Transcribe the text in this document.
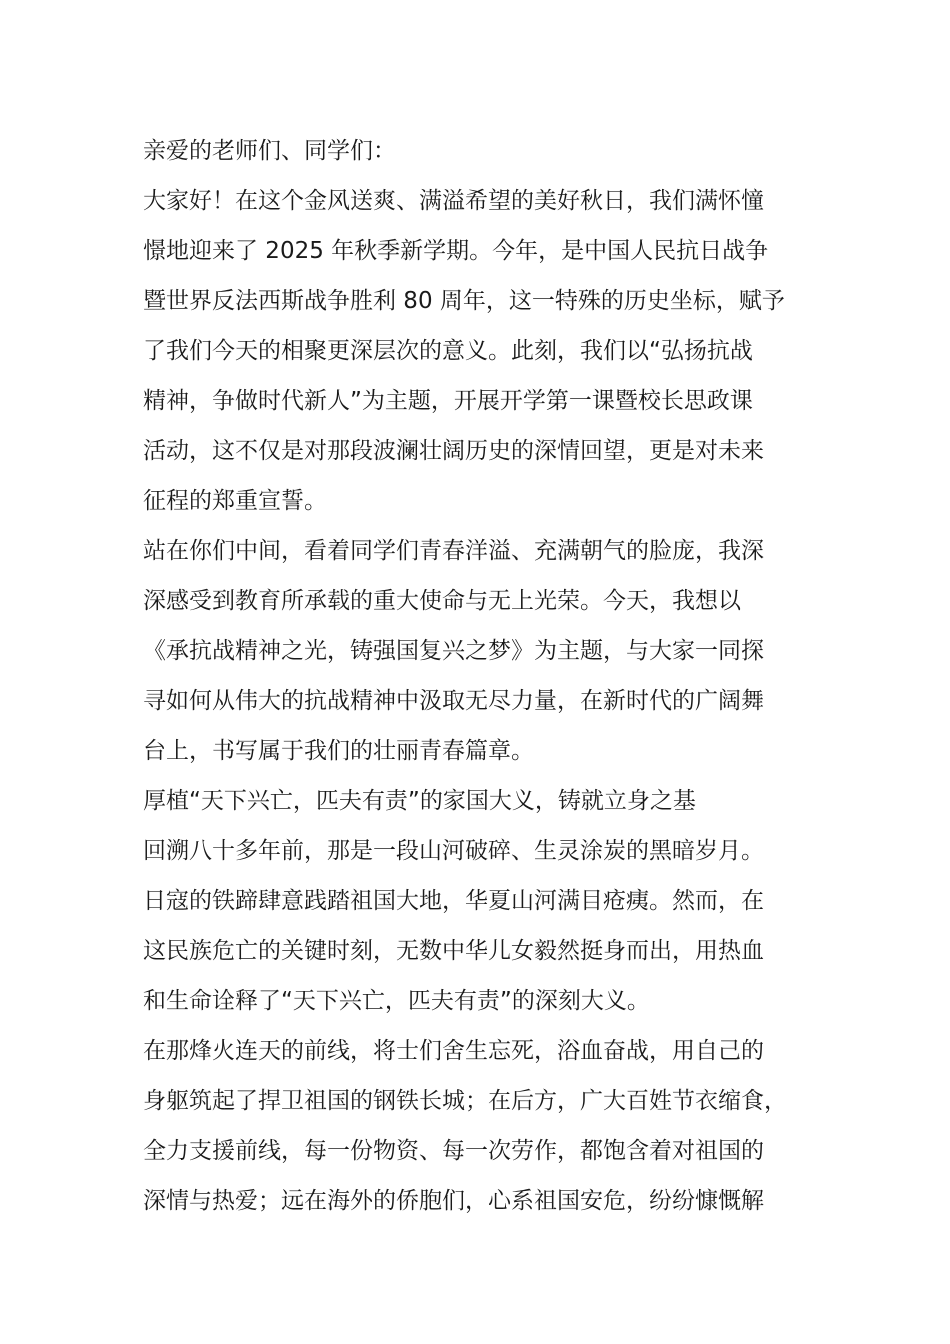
亲爱的老师们、同学们：
大家好！在这个金风送爽、满溢希望的美好秋日，我们满怀憧
憬地迎来了 2025 年秋季新学期。今年，是中国人民抗日战争
暨世界反法西斯战争胜利 80 周年，这一特殊的历史坐标，赋予
了我们今天的相聚更深层次的意义。此刻，我们以“弘扬抗战
精神，争做时代新人”为主题，开展开学第一课暨校长思政课
活动，这不仅是对那段波澜壮阔历史的深情回望，更是对未来
征程的郑重宣誓。
站在你们中间，看着同学们青春洋溢、充满朝气的脸庞，我深
深感受到教育所承载的重大使命与无上光荣。今天，我想以
《承抗战精神之光，铸强国复兴之梦》为主题，与大家一同探
寻如何从伟大的抗战精神中汲取无尽力量，在新时代的广阔舞
台上，书写属于我们的壮丽青春篇章。
厚植“天下兴亡，匹夫有责”的家国大义，铸就立身之基
回溯八十多年前，那是一段山河破碎、生灵涂炭的黑暗岁月。
日寇的铁蹄肆意践踏祖国大地，华夏山河满目疮痍。然而，在
这民族危亡的关键时刻，无数中华儿女毅然挺身而出，用热血
和生命诠释了“天下兴亡，匹夫有责”的深刻大义。
在那烽火连天的前线，将士们舍生忘死，浴血奋战，用自己的
身躯筑起了捍卫祖国的钢铁长城；在后方，广大百姓节衣缩食，
全力支援前线，每一份物资、每一次劳作，都饱含着对祖国的
深情与热爱；远在海外的侨胞们，心系祖国安危，纷纷慷慨解
